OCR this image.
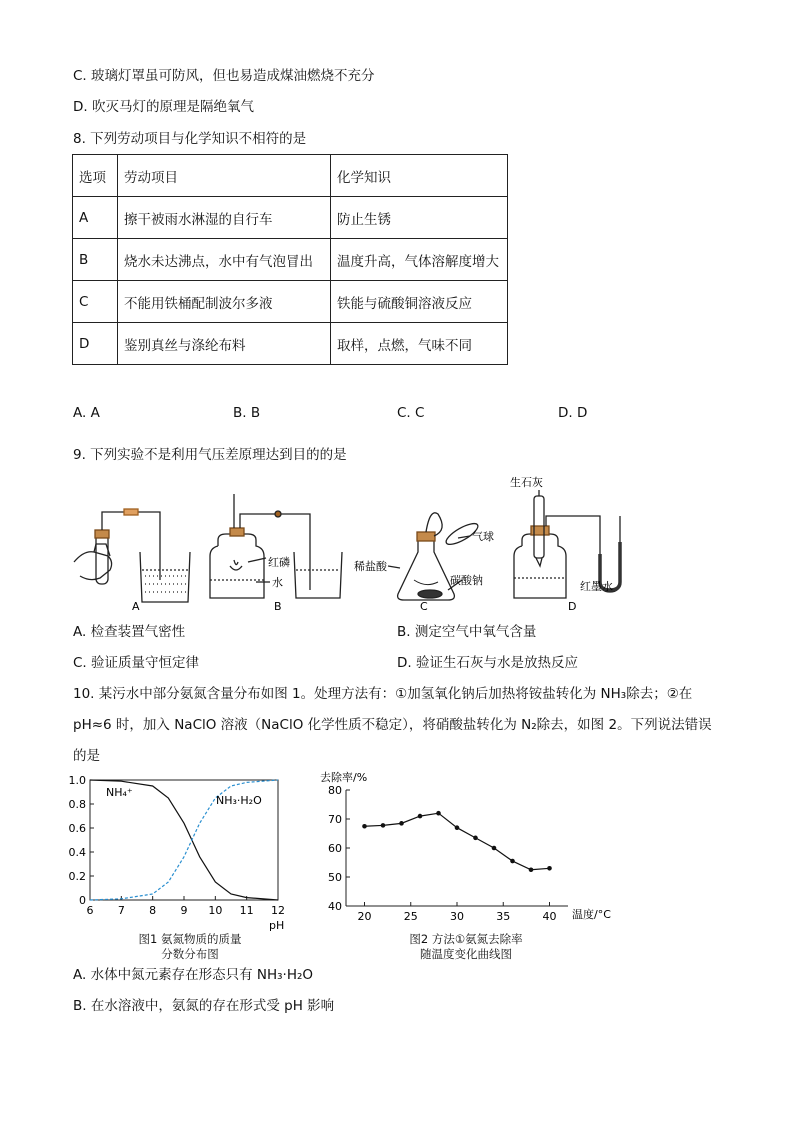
C. 玻璃灯罩虽可防风，但也易造成煤油燃烧不充分
D. 吹灭马灯的原理是隔绝氧气
8. 下列劳动项目与化学知识不相符的是
选项	劳动项目	化学知识
A	擦干被雨水淋湿的自行车	防止生锈
B	烧水未达沸点，水中有气泡冒出	温度升高，气体溶解度增大
C	不能用铁桶配制波尔多液	铁能与硫酸铜溶液反应
D	鉴别真丝与涤纶布料	取样，点燃，气味不同
A. A	B. B	C. C	D. D
9. 下列实验不是利用气压差原理达到目的的是
A	B	C	D
红磷
水
气球
稀盐酸
碳酸钠
生石灰
红墨水
A. 检查装置气密性	B. 测定空气中氧气含量
C. 验证质量守恒定律	D. 验证生石灰与水是放热反应
10. 某污水中部分氨氮含量分布如图 1。处理方法有：①加氢氧化钠后加热将铵盐转化为 NH₃除去；②在
pH≈6 时，加入 NaClO 溶液（NaClO 化学性质不稳定），将硝酸盐转化为 N₂除去，如图 2。下列说法错误
的是
6 7 8 9 10 11 12
0
0.2
0.4
0.6
0.8
1.0
NH₄⁺
NH₃·H₂O
pH
图1 氨氮物质的质量分数分布图
20	25	30	35	40
40
50
60
70
80
去除率/%
温度/°C
图2 方法①氨氮去除率随温度变化曲线图
A. 水体中氮元素存在形态只有 NH₃·H₂O
B. 在水溶液中，氨氮的存在形式受 pH 影响
